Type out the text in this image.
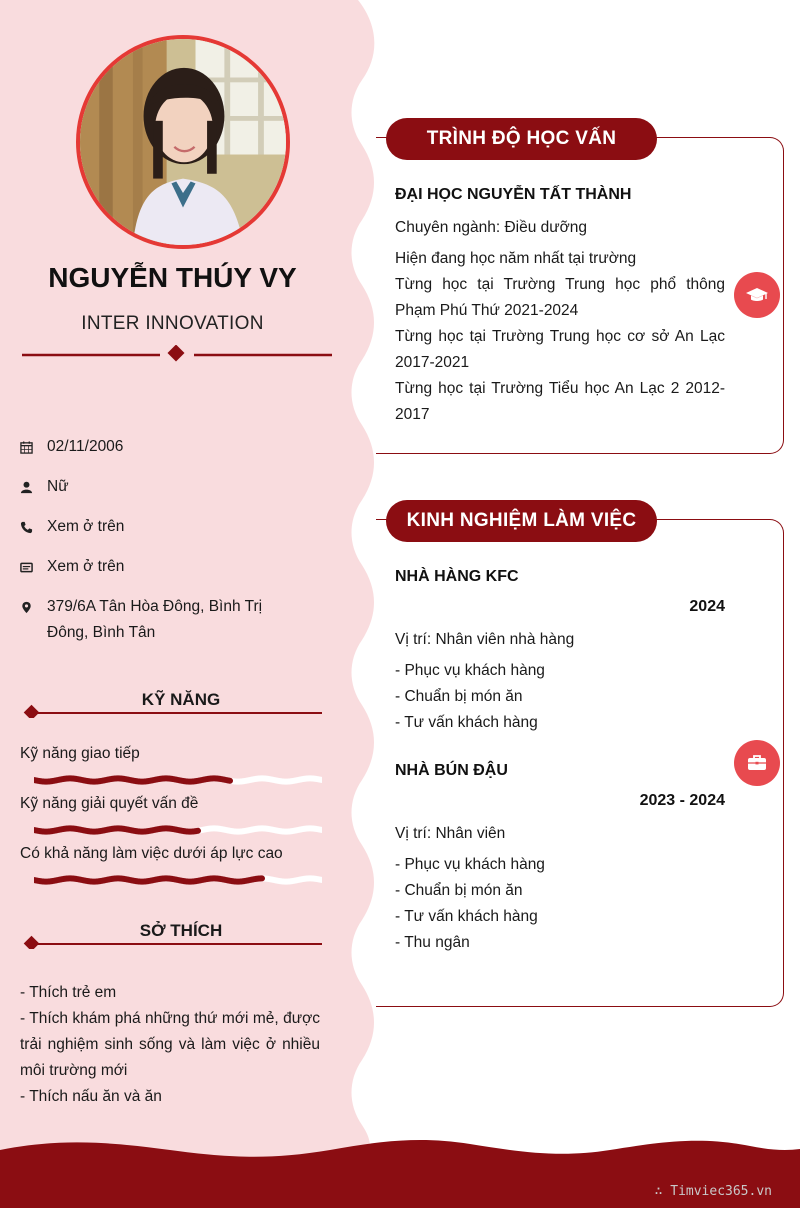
NGUYỄN THÚY VY
INTER INNOVATION
02/11/2006
Nữ
Xem ở trên
Xem ở trên
379/6A Tân Hòa Đông, Bình Trị Đông, Bình Tân
KỸ NĂNG
Kỹ năng giao tiếp
Kỹ năng giải quyết vấn đề
Có khả năng làm việc dưới áp lực cao
SỞ THÍCH
- Thích trẻ em
- Thích khám phá những thứ mới mẻ, được trải nghiệm sinh sống và làm việc ở nhiều môi trường mới
- Thích nấu ăn và ăn
TRÌNH ĐỘ HỌC VẤN
ĐẠI HỌC NGUYỄN TẤT THÀNH
Chuyên ngành: Điều dưỡng
Hiện đang học năm nhất tại trường
Từng học tại Trường Trung học phổ thông Phạm Phú Thứ 2021-2024
Từng học tại Trường Trung học cơ sở An Lạc 2017-2021
Từng học tại Trường Tiểu học An Lạc 2 2012-2017
KINH NGHIỆM LÀM VIỆC
NHÀ HÀNG KFC
2024
Vị trí: Nhân viên nhà hàng
- Phục vụ khách hàng
- Chuẩn bị món ăn
- Tư vấn khách hàng
NHÀ BÚN ĐẬU
2023 - 2024
Vị trí: Nhân viên
- Phục vụ khách hàng
- Chuẩn bị món ăn
- Tư vấn khách hàng
- Thu ngân
∴ Timviec365.vn
